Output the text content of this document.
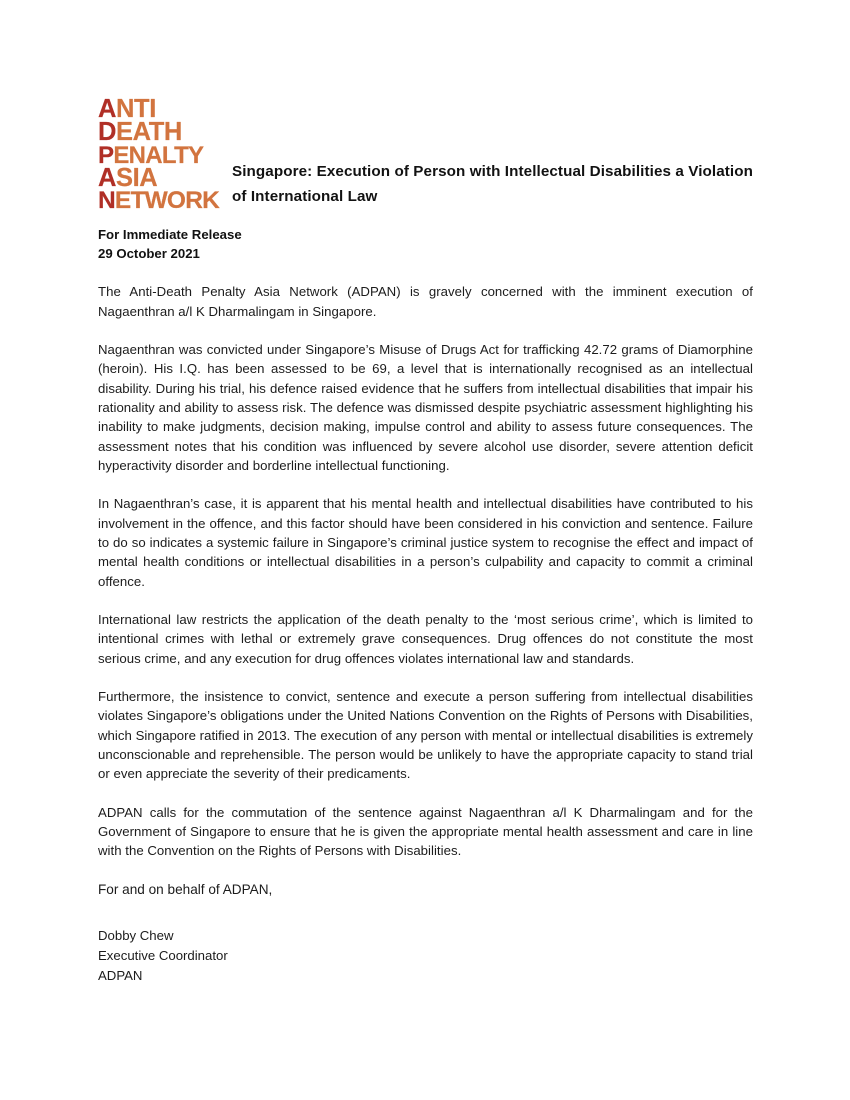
ANTI
DEATH
PENALTY
ASIA
NETWORK
Singapore: Execution of Person with Intellectual Disabilities a Violation of International Law
For Immediate Release
29 October 2021

The Anti-Death Penalty Asia Network (ADPAN) is gravely concerned with the imminent execution of Nagaenthran a/l K Dharmalingam in Singapore.

Nagaenthran was convicted under Singapore’s Misuse of Drugs Act for trafficking 42.72 grams of Diamorphine (heroin). His I.Q. has been assessed to be 69, a level that is internationally recognised as an intellectual disability. During his trial, his defence raised evidence that he suffers from intellectual disabilities that impair his rationality and ability to assess risk. The defence was dismissed despite psychiatric assessment highlighting his inability to make judgments, decision making, impulse control and ability to assess future consequences. The assessment notes that his condition was influenced by severe alcohol use disorder, severe attention deficit hyperactivity disorder and borderline intellectual functioning.

In Nagaenthran’s case, it is apparent that his mental health and intellectual disabilities have contributed to his involvement in the offence, and this factor should have been considered in his conviction and sentence. Failure to do so indicates a systemic failure in Singapore’s criminal justice system to recognise the effect and impact of mental health conditions or intellectual disabilities in a person’s culpability and capacity to commit a criminal offence.

International law restricts the application of the death penalty to the ‘most serious crime’, which is limited to intentional crimes with lethal or extremely grave consequences. Drug offences do not constitute the most serious crime, and any execution for drug offences violates international law and standards.

Furthermore, the insistence to convict, sentence and execute a person suffering from intellectual disabilities violates Singapore’s obligations under the United Nations Convention on the Rights of Persons with Disabilities, which Singapore ratified in 2013. The execution of any person with mental or intellectual disabilities is extremely unconscionable and reprehensible. The person would be unlikely to have the appropriate capacity to stand trial or even appreciate the severity of their predicaments.

ADPAN calls for the commutation of the sentence against Nagaenthran a/l K Dharmalingam and for the Government of Singapore to ensure that he is given the appropriate mental health assessment and care in line with the Convention on the Rights of Persons with Disabilities.

For and on behalf of ADPAN,

Dobby Chew
Executive Coordinator
ADPAN
